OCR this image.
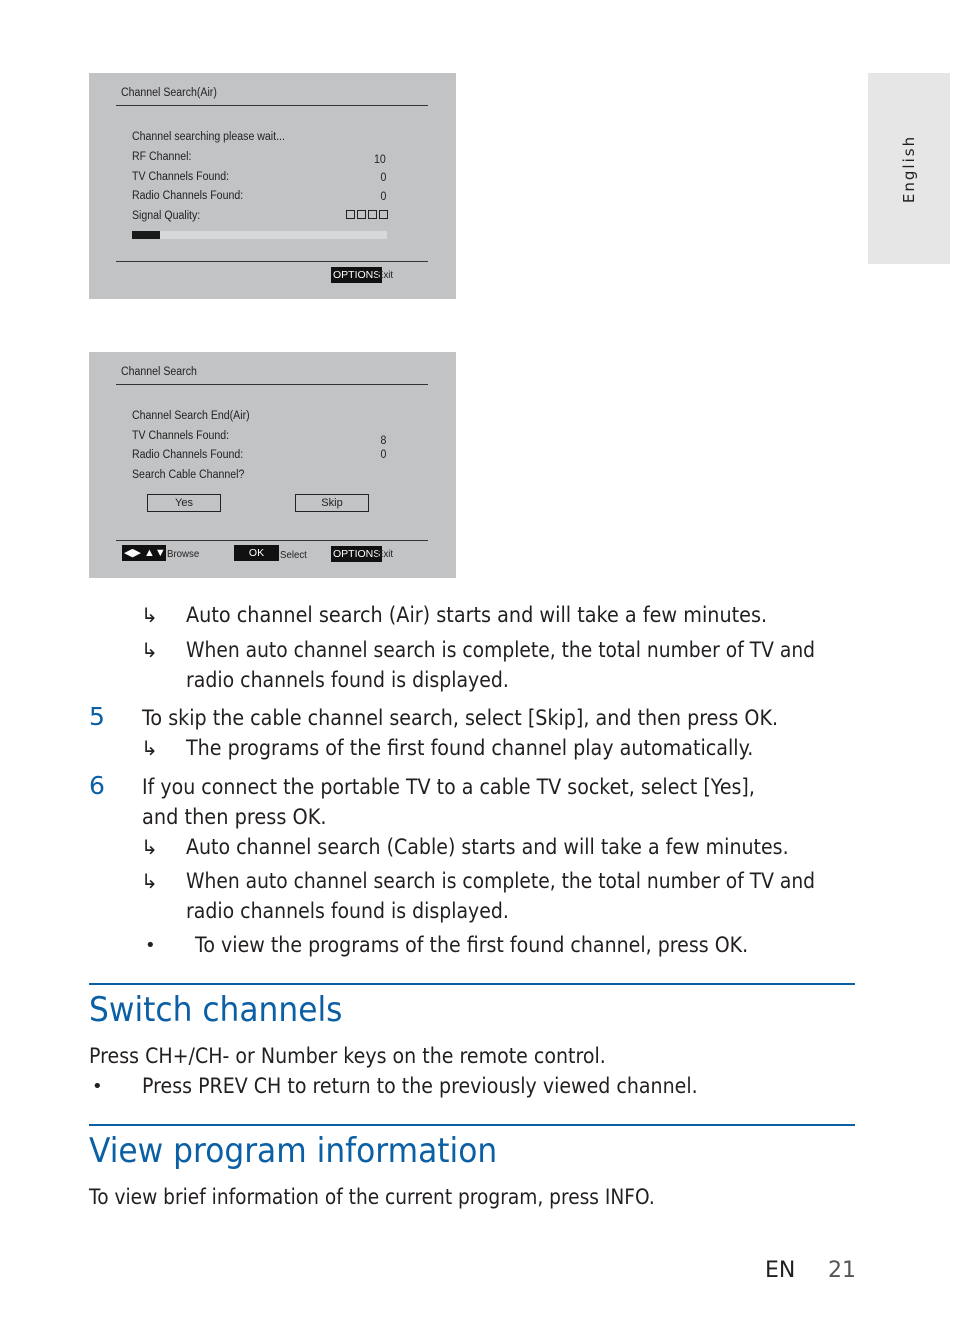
English
Channel Search(Air)
Channel searching please wait...
RF Channel:	10
TV Channels Found:	0
Radio Channels Found:	0
Signal Quality:
OPTIONS
Exit
Channel Search
Channel Search End(Air)
TV Channels Found:	8
Radio Channels Found:	0
Search Cable Channel?
Yes	Skip
◀▶ ▲▼ Browse	OK	Select OPTIONS
Exit
↳ Auto channel search (Air) starts and will take a few minutes.
↳ When auto channel search is complete, the total number of TV and
radio channels found is displayed.
5 To skip the cable channel search, select [Skip], and then press OK.
↳ The programs of the first found channel play automatically.
6 If you connect the portable TV to a cable TV socket, select [Yes],
and then press OK.
↳ Auto channel search (Cable) starts and will take a few minutes.
↳ When auto channel search is complete, the total number of TV and
radio channels found is displayed.
• To view the programs of the first found channel, press OK.
Switch channels
Press CH+/CH- or Number keys on the remote control.
• Press PREV CH to return to the previously viewed channel.
View program information
To view brief information of the current program, press INFO.
EN 21
